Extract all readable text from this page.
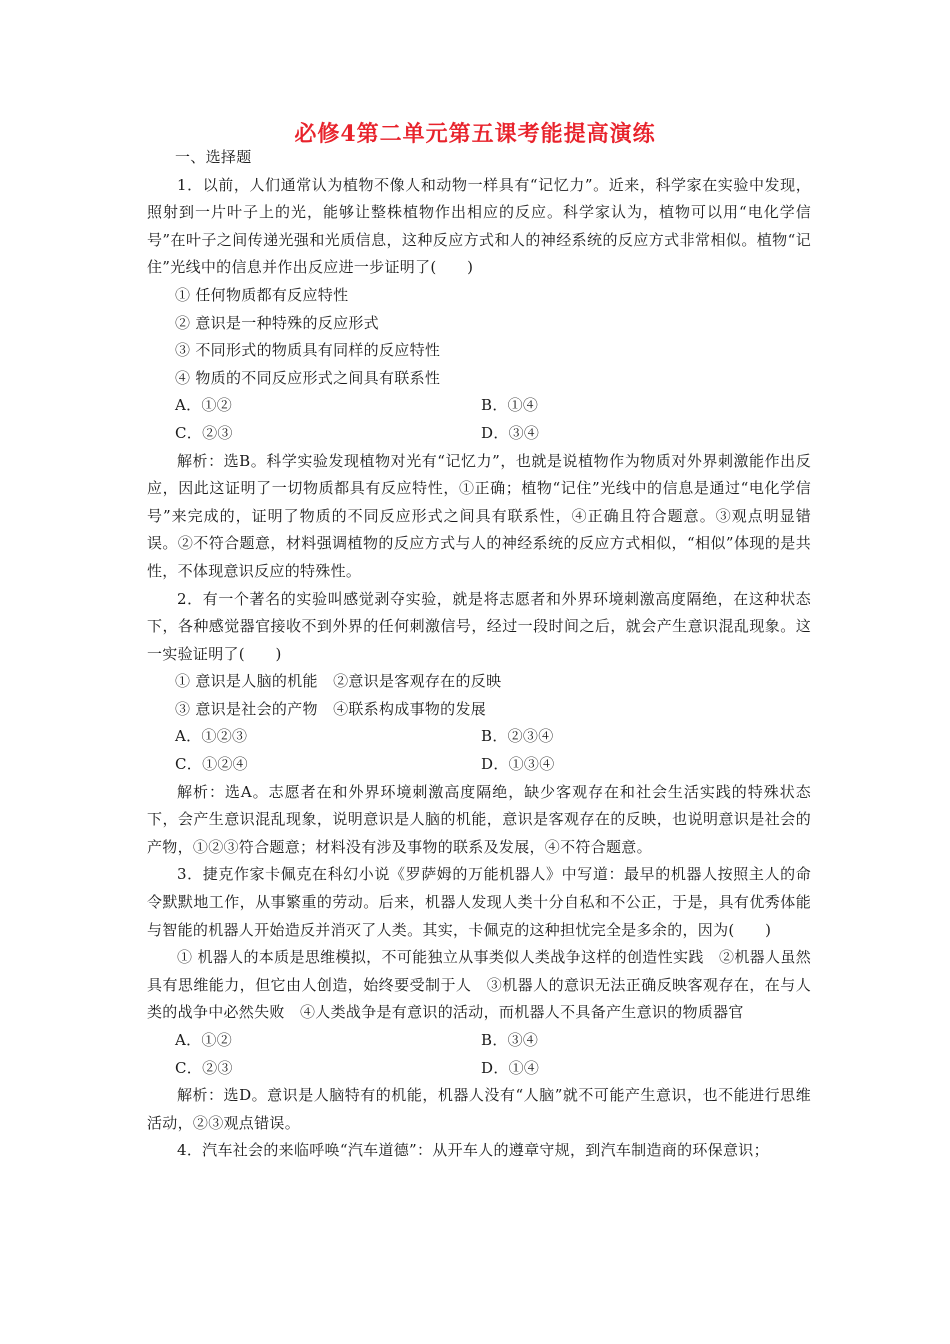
必修4第二单元第五课考能提高演练

一、选择题

1．以前，人们通常认为植物不像人和动物一样具有“记忆力”。近来，科学家在实验中发现，照射到一片叶子上的光，能够让整株植物作出相应的反应。科学家认为，植物可以用“电化学信号”在叶子之间传递光强和光质信息，这种反应方式和人的神经系统的反应方式非常相似。植物“记住”光线中的信息并作出反应进一步证明了(　　)

① 任何物质都有反应特性

② 意识是一种特殊的反应形式

③ 不同形式的物质具有同样的反应特性

④ 物质的不同反应形式之间具有联系性

A．①②	B．①④
C．②③	D．③④

解析：选B。科学实验发现植物对光有“记忆力”，也就是说植物作为物质对外界刺激能作出反应，因此这证明了一切物质都具有反应特性，①正确；植物“记住”光线中的信息是通过“电化学信号”来完成的，证明了物质的不同反应形式之间具有联系性，④正确且符合题意。③观点明显错误。②不符合题意，材料强调植物的反应方式与人的神经系统的反应方式相似，“相似”体现的是共性，不体现意识反应的特殊性。

2．有一个著名的实验叫感觉剥夺实验，就是将志愿者和外界环境刺激高度隔绝，在这种状态下，各种感觉器官接收不到外界的任何刺激信号，经过一段时间之后，就会产生意识混乱现象。这一实验证明了(　　)

① 意识是人脑的机能　②意识是客观存在的反映

③ 意识是社会的产物　④联系构成事物的发展

A．①②③	B．②③④
C．①②④	D．①③④

解析：选A。志愿者在和外界环境刺激高度隔绝，缺少客观存在和社会生活实践的特殊状态下，会产生意识混乱现象，说明意识是人脑的机能，意识是客观存在的反映，也说明意识是社会的产物，①②③符合题意；材料没有涉及事物的联系及发展，④不符合题意。

3．捷克作家卡佩克在科幻小说《罗萨姆的万能机器人》中写道：最早的机器人按照主人的命令默默地工作，从事繁重的劳动。后来，机器人发现人类十分自私和不公正，于是，具有优秀体能与智能的机器人开始造反并消灭了人类。其实，卡佩克的这种担忧完全是多余的，因为(　　)

① 机器人的本质是思维模拟，不可能独立从事类似人类战争这样的创造性实践　②机器人虽然具有思维能力，但它由人创造，始终要受制于人　③机器人的意识无法正确反映客观存在，在与人类的战争中必然失败　④人类战争是有意识的活动，而机器人不具备产生意识的物质器官

A．①②	B．③④
C．②③	D．①④

解析：选D。意识是人脑特有的机能，机器人没有“人脑”就不可能产生意识，也不能进行思维活动，②③观点错误。

4．汽车社会的来临呼唤“汽车道德”：从开车人的遵章守规，到汽车制造商的环保意识；
